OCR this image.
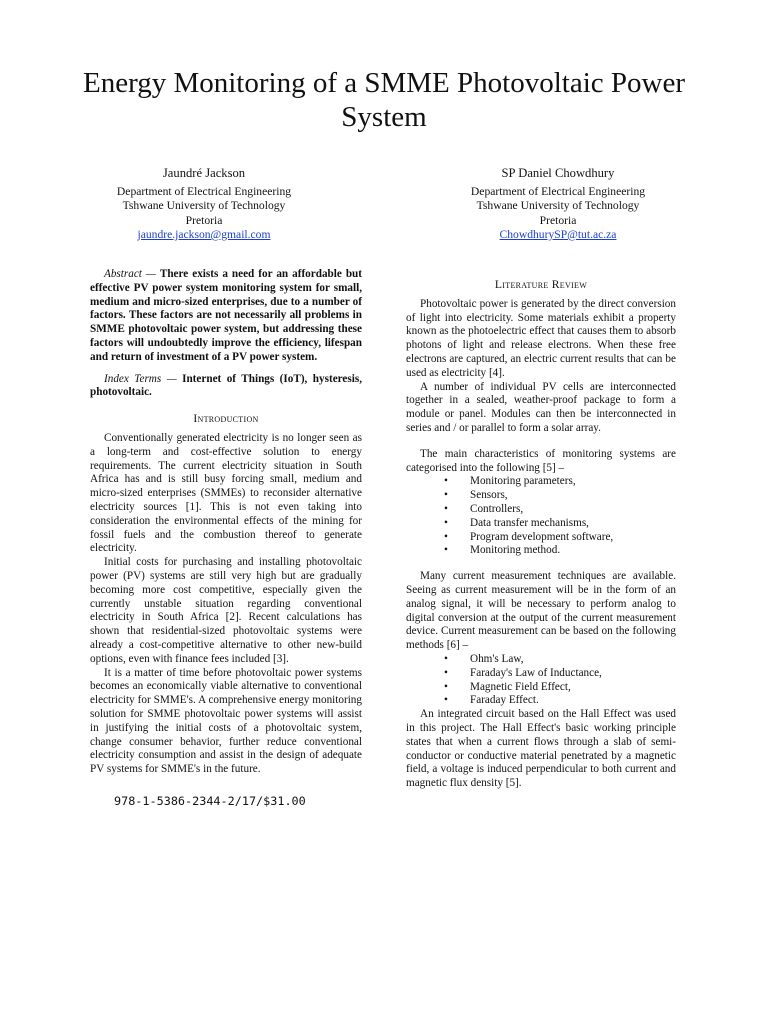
Energy Monitoring of a SMME Photovoltaic Power System
Jaundré Jackson
Department of Electrical Engineering
Tshwane University of Technology
Pretoria
jaundre.jackson@gmail.com
SP Daniel Chowdhury
Department of Electrical Engineering
Tshwane University of Technology
Pretoria
ChowdhurySP@tut.ac.za

Abstract — There exists a need for an affordable but effective PV power system monitoring system for small, medium and micro-sized enterprises, due to a number of factors. These factors are not necessarily all problems in SMME photovoltaic power system, but addressing these factors will undoubtedly improve the efficiency, lifespan and return of investment of a PV power system.

Index Terms — Internet of Things (IoT), hysteresis, photovoltaic.

Introduction

Conventionally generated electricity is no longer seen as a long-term and cost-effective solution to energy requirements. The current electricity situation in South Africa has and is still busy forcing small, medium and micro-sized enterprises (SMMEs) to reconsider alternative electricity sources [1]. This is not even taking into consideration the environmental effects of the mining for fossil fuels and the combustion thereof to generate electricity.

Initial costs for purchasing and installing photovoltaic power (PV) systems are still very high but are gradually becoming more cost competitive, especially given the currently unstable situation regarding conventional electricity in South Africa [2]. Recent calculations has shown that residential-sized photovoltaic systems were already a cost-competitive alternative to other new-build options, even with finance fees included [3].

It is a matter of time before photovoltaic power systems becomes an economically viable alternative to conventional electricity for SMME's. A comprehensive energy monitoring solution for SMME photovoltaic power systems will assist in justifying the initial costs of a photovoltaic system, change consumer behavior, further reduce conventional electricity consumption and assist in the design of adequate PV systems for SMME's in the future.

978-1-5386-2344-2/17/$31.00
Literature Review

Photovoltaic power is generated by the direct conversion of light into electricity. Some materials exhibit a property known as the photoelectric effect that causes them to absorb photons of light and release electrons. When these free electrons are captured, an electric current results that can be used as electricity [4].

A number of individual PV cells are interconnected together in a sealed, weather-proof package to form a module or panel. Modules can then be interconnected in series and / or parallel to form a solar array.

The main characteristics of monitoring systems are categorised into the following [5] –

• Monitoring parameters,
• Sensors,
• Controllers,
• Data transfer mechanisms,
• Program development software,
• Monitoring method.

Many current measurement techniques are available. Seeing as current measurement will be in the form of an analog signal, it will be necessary to perform analog to digital conversion at the output of the current measurement device. Current measurement can be based on the following methods [6] –

• Ohm's Law,
• Faraday's Law of Inductance,
• Magnetic Field Effect,
• Faraday Effect.

An integrated circuit based on the Hall Effect was used in this project. The Hall Effect's basic working principle states that when a current flows through a slab of semi-conductor or conductive material penetrated by a magnetic field, a voltage is induced perpendicular to both current and magnetic flux density [5].
